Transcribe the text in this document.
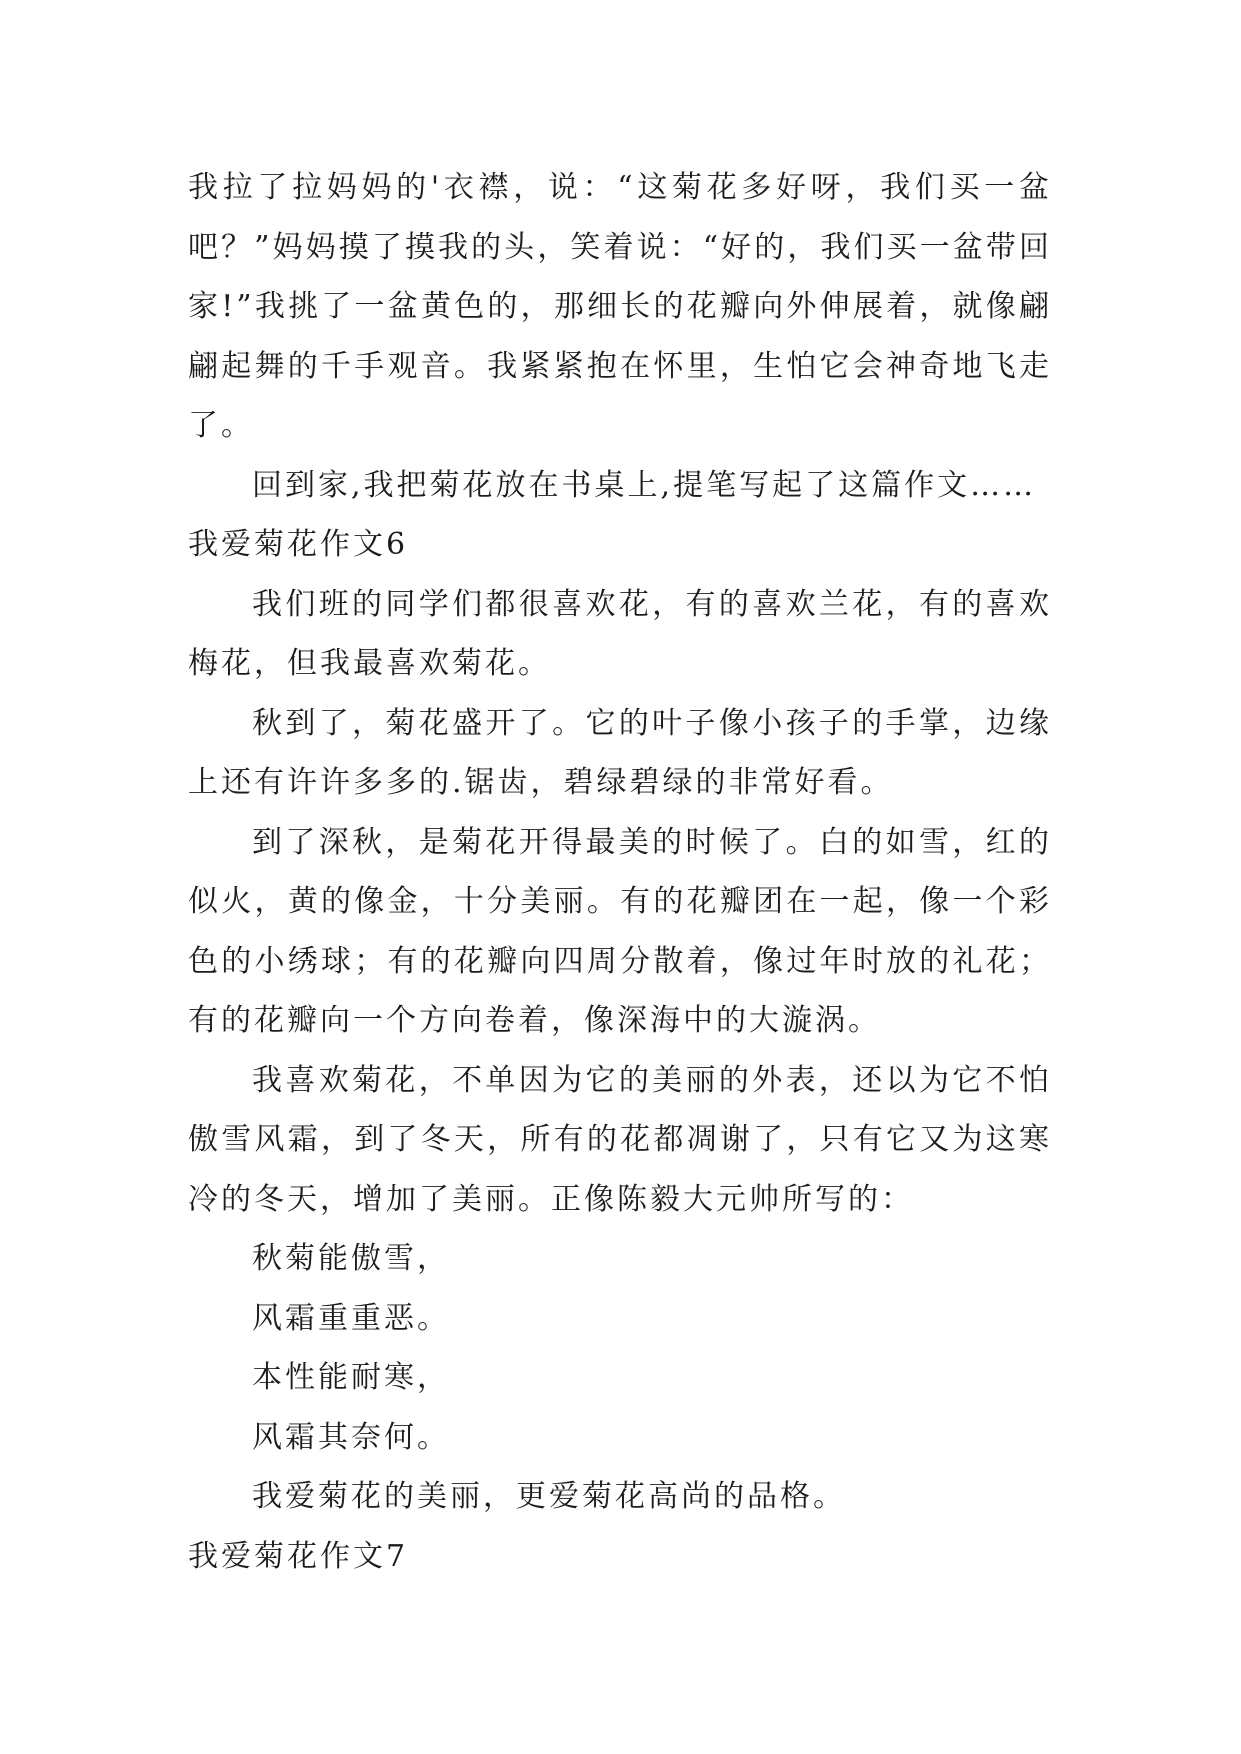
我拉了拉妈妈的'衣襟，说：“这菊花多好呀，我们买一盆吧？”妈妈摸了摸我的头，笑着说：“好的，我们买一盆带回家!”我挑了一盆黄色的，那细长的花瓣向外伸展着，就像翩翩起舞的千手观音。我紧紧抱在怀里，生怕它会神奇地飞走了。

回到家,我把菊花放在书桌上,提笔写起了这篇作文……

我爱菊花作文6

我们班的同学们都很喜欢花，有的喜欢兰花，有的喜欢梅花，但我最喜欢菊花。

秋到了，菊花盛开了。它的叶子像小孩子的手掌，边缘上还有许许多多的.锯齿，碧绿碧绿的非常好看。

到了深秋，是菊花开得最美的时候了。白的如雪，红的似火，黄的像金，十分美丽。有的花瓣团在一起，像一个彩色的小绣球；有的花瓣向四周分散着，像过年时放的礼花；有的花瓣向一个方向卷着，像深海中的大漩涡。

我喜欢菊花，不单因为它的美丽的外表，还以为它不怕傲雪风霜，到了冬天，所有的花都凋谢了，只有它又为这寒冷的冬天，增加了美丽。正像陈毅大元帅所写的：

秋菊能傲雪，

风霜重重恶。

本性能耐寒，

风霜其奈何。

我爱菊花的美丽，更爱菊花高尚的品格。

我爱菊花作文7
